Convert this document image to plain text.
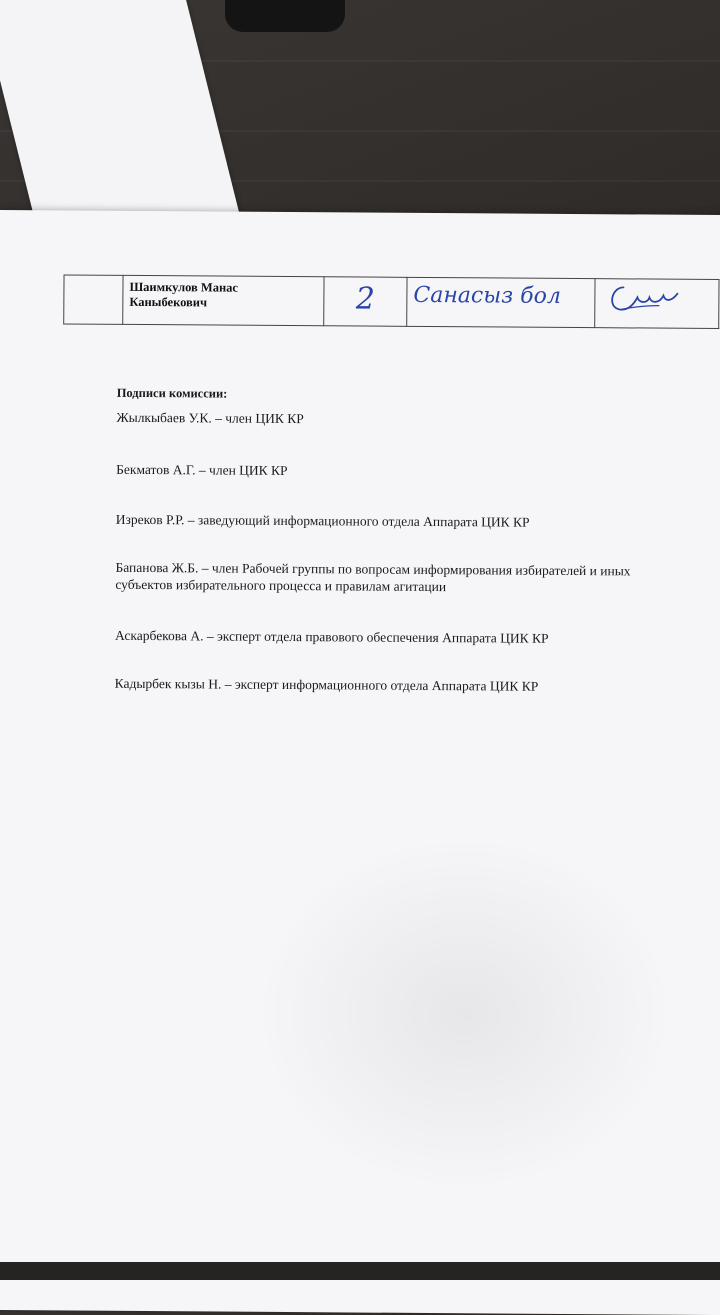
	Шаимкулов Манас Каныбекович	2	Санасыз бол	
Подписи комиссии:
Жылкыбаев У.К. – член ЦИК КР
Бекматов А.Г. – член ЦИК КР
Изреков Р.Р. – заведующий информационного отдела Аппарата ЦИК КР
Бапанова Ж.Б. – член Рабочей группы по вопросам информирования избирателей и иных субъектов избирательного процесса и правилам агитации
Аскарбекова А. – эксперт отдела правового обеспечения Аппарата ЦИК КР
Кадырбек кызы Н. – эксперт информационного отдела Аппарата ЦИК КР
